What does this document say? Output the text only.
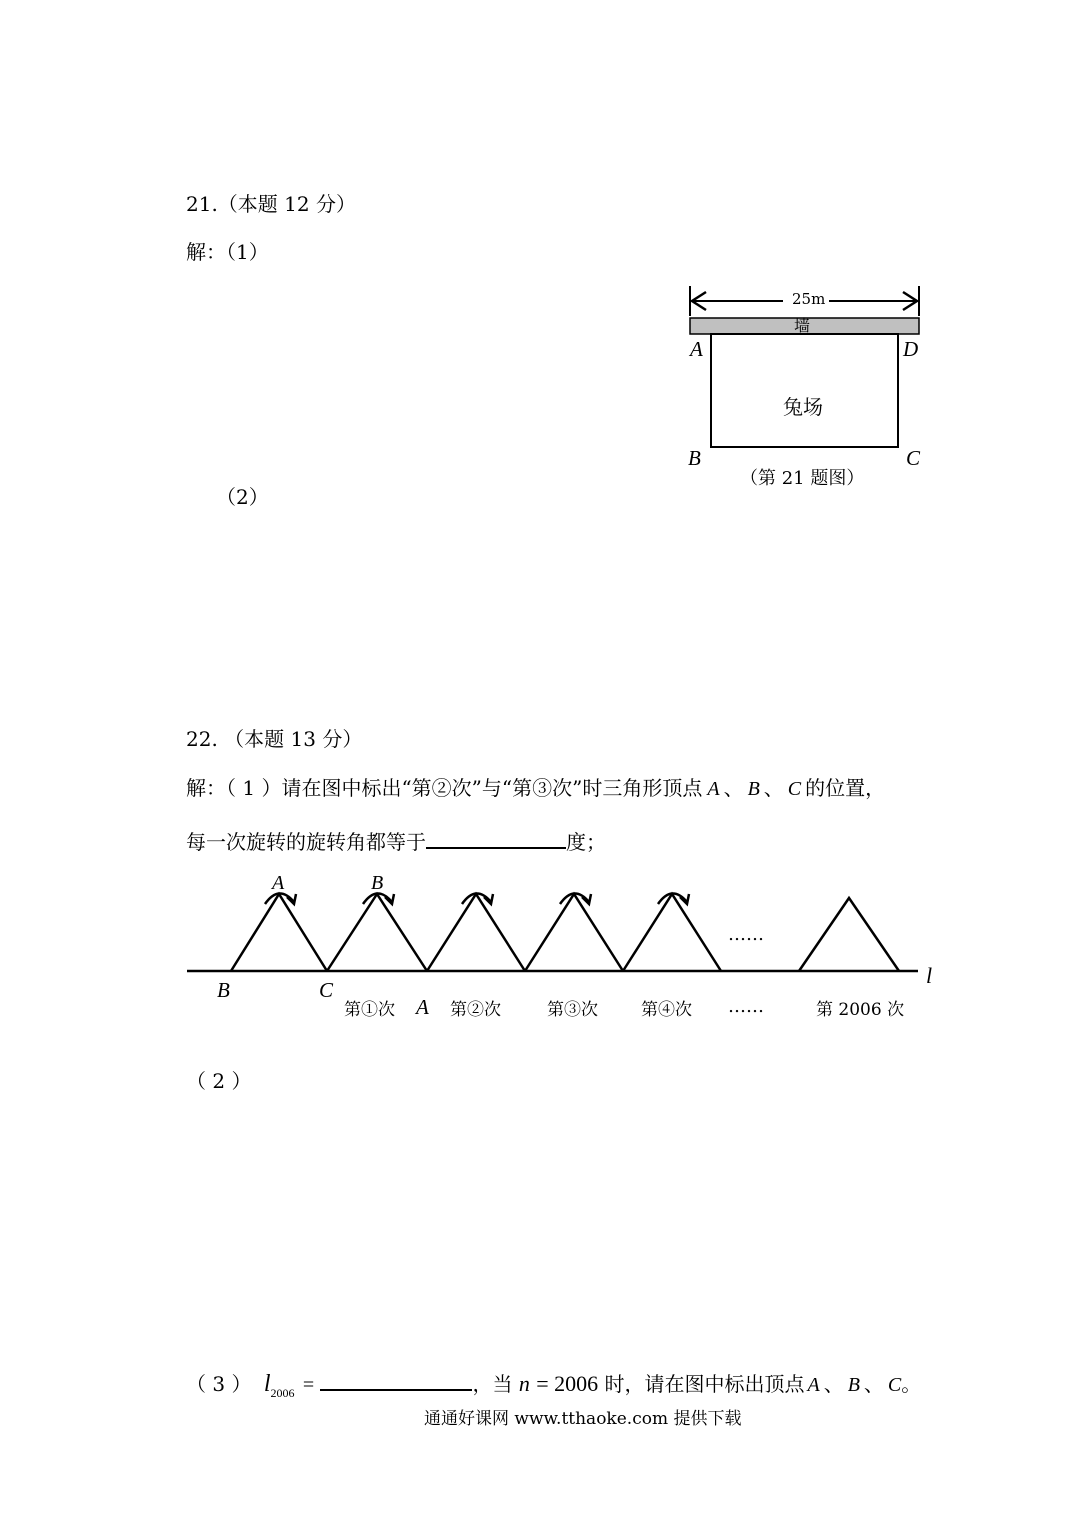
21.（本题 12 分）
解：（1）
（2）
25m
墙
兔场
A	D
B	C
（第 21 题图）
22. （本题 13 分）
解：（ 1 ）请在图中标出“第②次”与“第③次”时三角形顶点 A 、 B 、 C 的位置，
每一次旋转的旋转角都等于	度；
A	B
……
l
B	C
A
第①次	第②次	第③次	第④次 ……	第 2006 次
（ 2 ）
（ 3 ） $l_{2006}$ =	，当 n = 2006 时，请在图中标出顶点 A 、 B 、 C。
通通好课网 www.tthaoke.com 提供下载
